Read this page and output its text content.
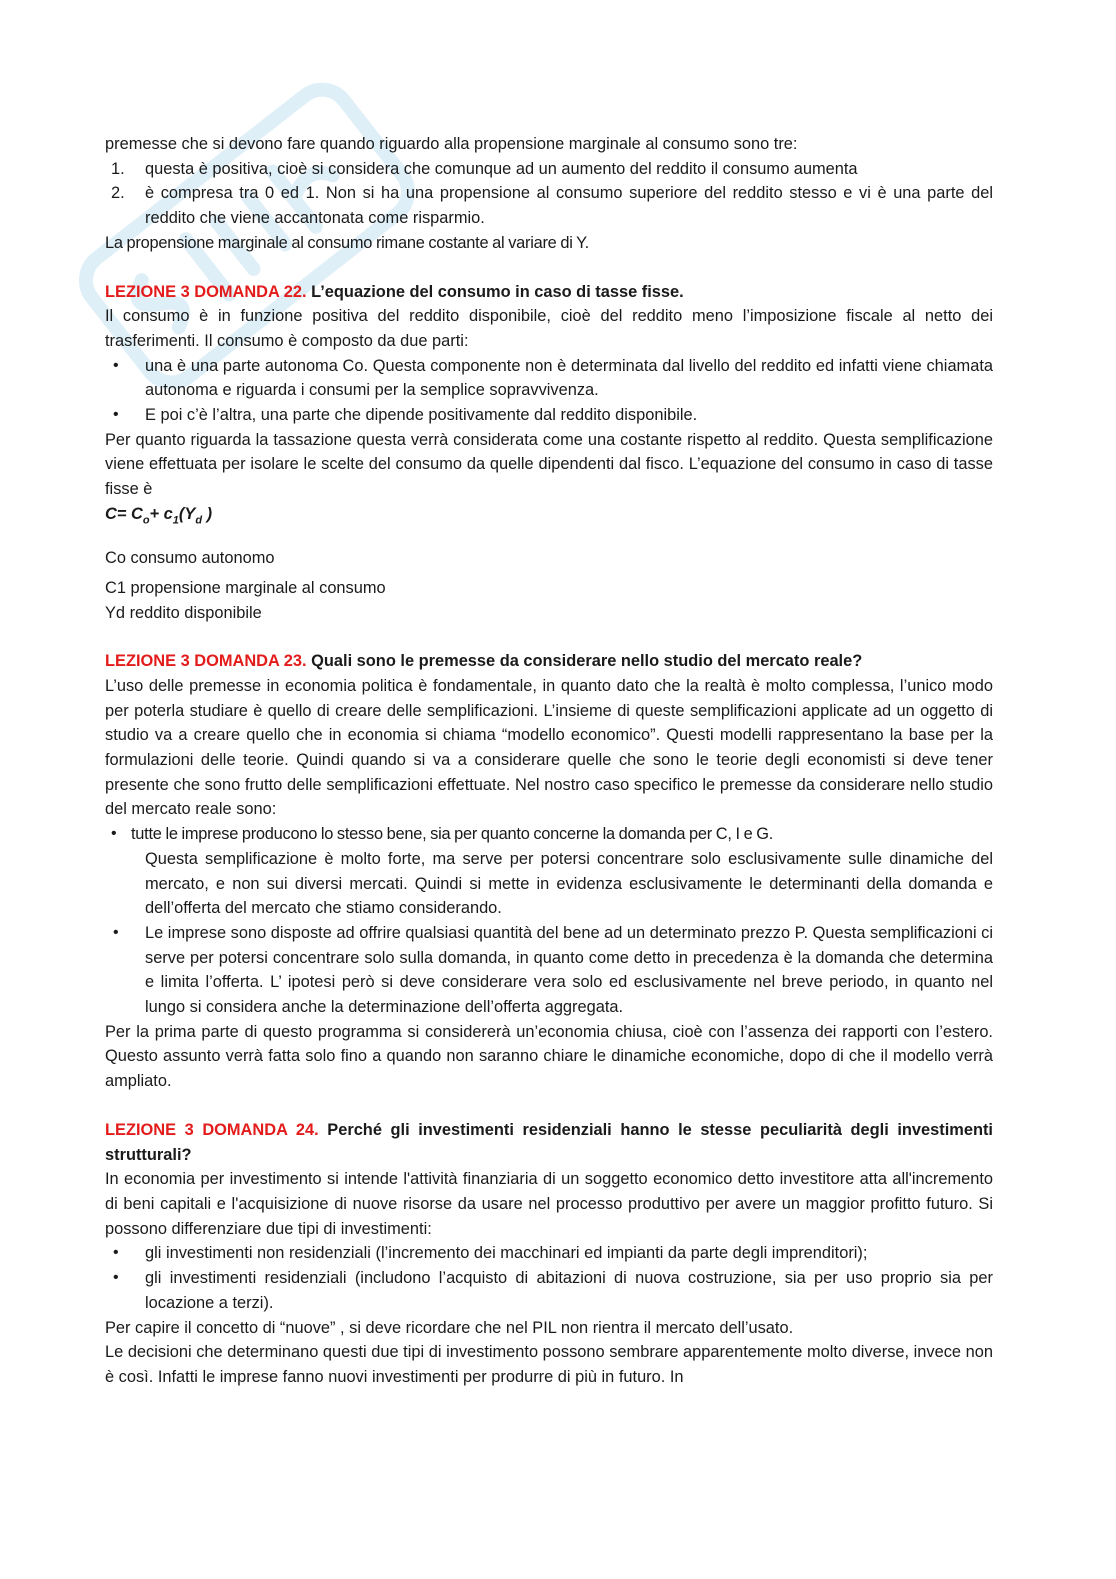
premesse che si devono fare quando riguardo alla propensione marginale al consumo sono tre:

1. questa è positiva, cioè si considera che comunque ad un aumento del reddito il consumo aumenta
2. è compresa tra 0 ed 1. Non si ha una propensione al consumo superiore del reddito stesso e vi è una parte del reddito che viene accantonata come risparmio.

La propensione marginale al consumo rimane costante al variare di Y.

LEZIONE 3 DOMANDA 22. L’equazione del consumo in caso di tasse fisse.

Il consumo è in funzione positiva del reddito disponibile, cioè del reddito meno l’imposizione fiscale al netto dei trasferimenti. Il consumo è composto da due parti:

• una è una parte autonoma Co. Questa componente non è determinata dal livello del reddito ed infatti viene chiamata autonoma e riguarda i consumi per la semplice sopravvivenza.
• E poi c’è l’altra, una parte che dipende positivamente dal reddito disponibile.

Per quanto riguarda la tassazione questa verrà considerata come una costante rispetto al reddito. Questa semplificazione viene effettuata per isolare le scelte del consumo da quelle dipendenti dal fisco. L’equazione del consumo in caso di tasse fisse è

$C= C_o+ c_1(Y_d$ )

Co consumo autonomo

C1 propensione marginale al consumo

Yd reddito disponibile

LEZIONE 3 DOMANDA 23. Quali sono le premesse da considerare nello studio del mercato reale?

L’uso delle premesse in economia politica è fondamentale, in quanto dato che la realtà è molto complessa, l’unico modo per poterla studiare è quello di creare delle semplificazioni. L’insieme di queste semplificazioni applicate ad un oggetto di studio va a creare quello che in economia si chiama “modello economico”. Questi modelli rappresentano la base per la formulazioni delle teorie. Quindi quando si va a considerare quelle che sono le teorie degli economisti si deve tener presente che sono frutto delle semplificazioni effettuate. Nel nostro caso specifico le premesse da considerare nello studio del mercato reale sono:

• tutte le imprese producono lo stesso bene, sia per quanto concerne la domanda per C, I e G.

Questa semplificazione è molto forte, ma serve per potersi concentrare solo esclusivamente sulle dinamiche del mercato, e non sui diversi mercati. Quindi si mette in evidenza esclusivamente le determinanti della domanda e dell’offerta del mercato che stiamo considerando.

• Le imprese sono disposte ad offrire qualsiasi quantità del bene ad un determinato prezzo P. Questa semplificazioni ci serve per potersi concentrare solo sulla domanda, in quanto come detto in precedenza è la domanda che determina e limita l’offerta. L’ ipotesi però si deve considerare vera solo ed esclusivamente nel breve periodo, in quanto nel lungo si considera anche la determinazione dell’offerta aggregata.

Per la prima parte di questo programma si considererà un’economia chiusa, cioè con l’assenza dei rapporti con l’estero. Questo assunto verrà fatta solo fino a quando non saranno chiare le dinamiche economiche, dopo di che il modello verrà ampliato.

LEZIONE 3 DOMANDA 24. Perché gli investimenti residenziali hanno le stesse peculiarità degli investimenti strutturali?

In economia per investimento si intende l'attività finanziaria di un soggetto economico detto investitore atta all'incremento di beni capitali e l'acquisizione di nuove risorse da usare nel processo produttivo per avere un maggior profitto futuro. Si possono differenziare due tipi di investimenti:

• gli investimenti non residenziali (l’incremento dei macchinari ed impianti da parte degli imprenditori);
• gli investimenti residenziali (includono l’acquisto di abitazioni di nuova costruzione, sia per uso proprio sia per locazione a terzi).

Per capire il concetto di “nuove” , si deve ricordare che nel PIL non rientra il mercato dell’usato.

Le decisioni che determinano questi due tipi di investimento possono sembrare apparentemente molto diverse, invece non è così. Infatti le imprese fanno nuovi investimenti per produrre di più in futuro. In
